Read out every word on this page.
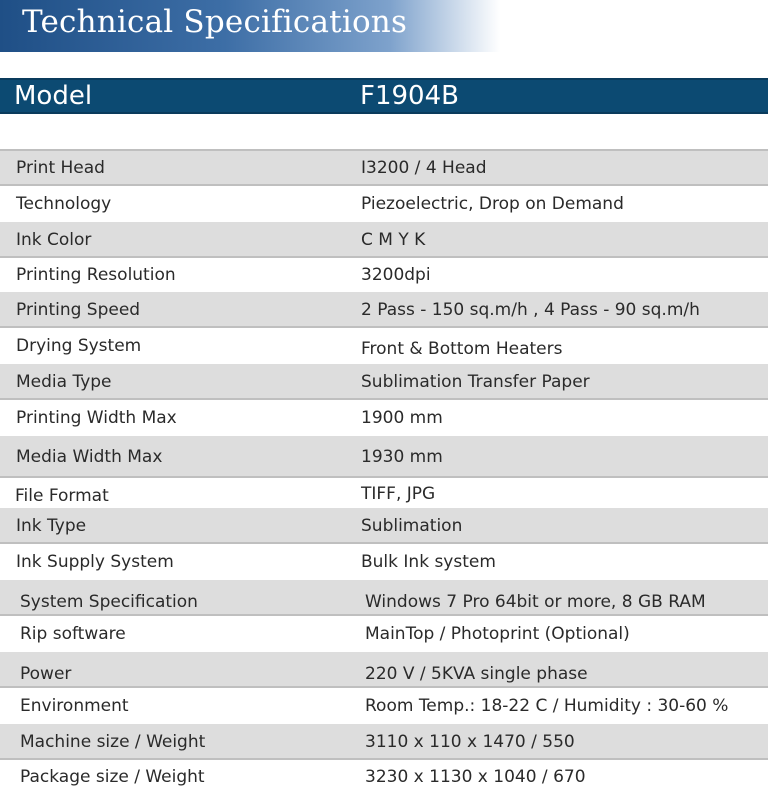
Technical Specifications
Model	F1904B
Print Head	I3200 / 4 Head
Technology	Piezoelectric, Drop on Demand
Ink Color	C M Y K
Printing Resolution	3200dpi
Printing Speed	2 Pass - 150 sq.m/h , 4 Pass - 90 sq.m/h
Drying System	Front & Bottom Heaters
Media Type	Sublimation Transfer Paper
Printing Width Max	1900 mm
Media Width Max	1930 mm
File Format	TIFF, JPG
Ink Type	Sublimation
Ink Supply System	Bulk Ink system
System Specification	Windows 7 Pro 64bit or more, 8 GB RAM
Rip software	MainTop / Photoprint (Optional)
Power	220 V / 5KVA single phase
Environment	Room Temp.: 18-22 C / Humidity : 30-60 %
Machine size / Weight	3110 x 110 x 1470 / 550
Package size / Weight	3230 x 1130 x 1040 / 670
